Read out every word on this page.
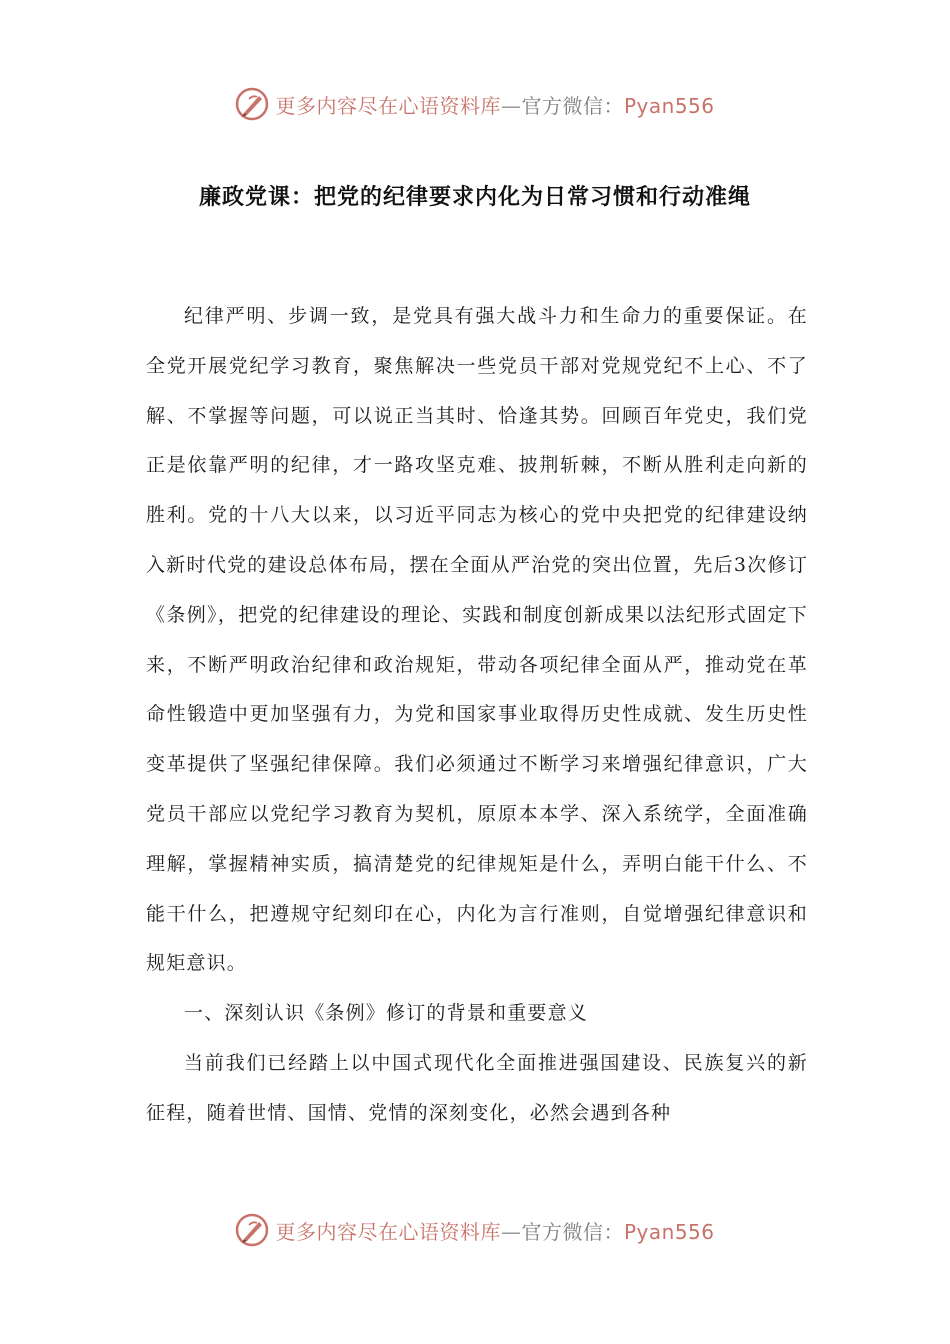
更多内容尽在心语资料库—官方微信：Pyan556
廉政党课：把党的纪律要求内化为日常习惯和行动准绳

纪律严明、步调一致，是党具有强大战斗力和生命力的重要保证。在全党开展党纪学习教育，聚焦解决一些党员干部对党规党纪不上心、不了解、不掌握等问题，可以说正当其时、恰逢其势。回顾百年党史，我们党正是依靠严明的纪律，才一路攻坚克难、披荆斩棘，不断从胜利走向新的胜利。党的十八大以来，以习近平同志为核心的党中央把党的纪律建设纳入新时代党的建设总体布局，摆在全面从严治党的突出位置，先后3次修订《条例》，把党的纪律建设的理论、实践和制度创新成果以法纪形式固定下来，不断严明政治纪律和政治规矩，带动各项纪律全面从严，推动党在革命性锻造中更加坚强有力，为党和国家事业取得历史性成就、发生历史性变革提供了坚强纪律保障。我们必须通过不断学习来增强纪律意识，广大党员干部应以党纪学习教育为契机，原原本本学、深入系统学，全面准确理解，掌握精神实质，搞清楚党的纪律规矩是什么，弄明白能干什么、不能干什么，把遵规守纪刻印在心，内化为言行准则，自觉增强纪律意识和规矩意识。

一、深刻认识《条例》修订的背景和重要意义

当前我们已经踏上以中国式现代化全面推进强国建设、民族复兴的新征程，随着世情、国情、党情的深刻变化，必然会遇到各种

更多内容尽在心语资料库—官方微信：Pyan556
